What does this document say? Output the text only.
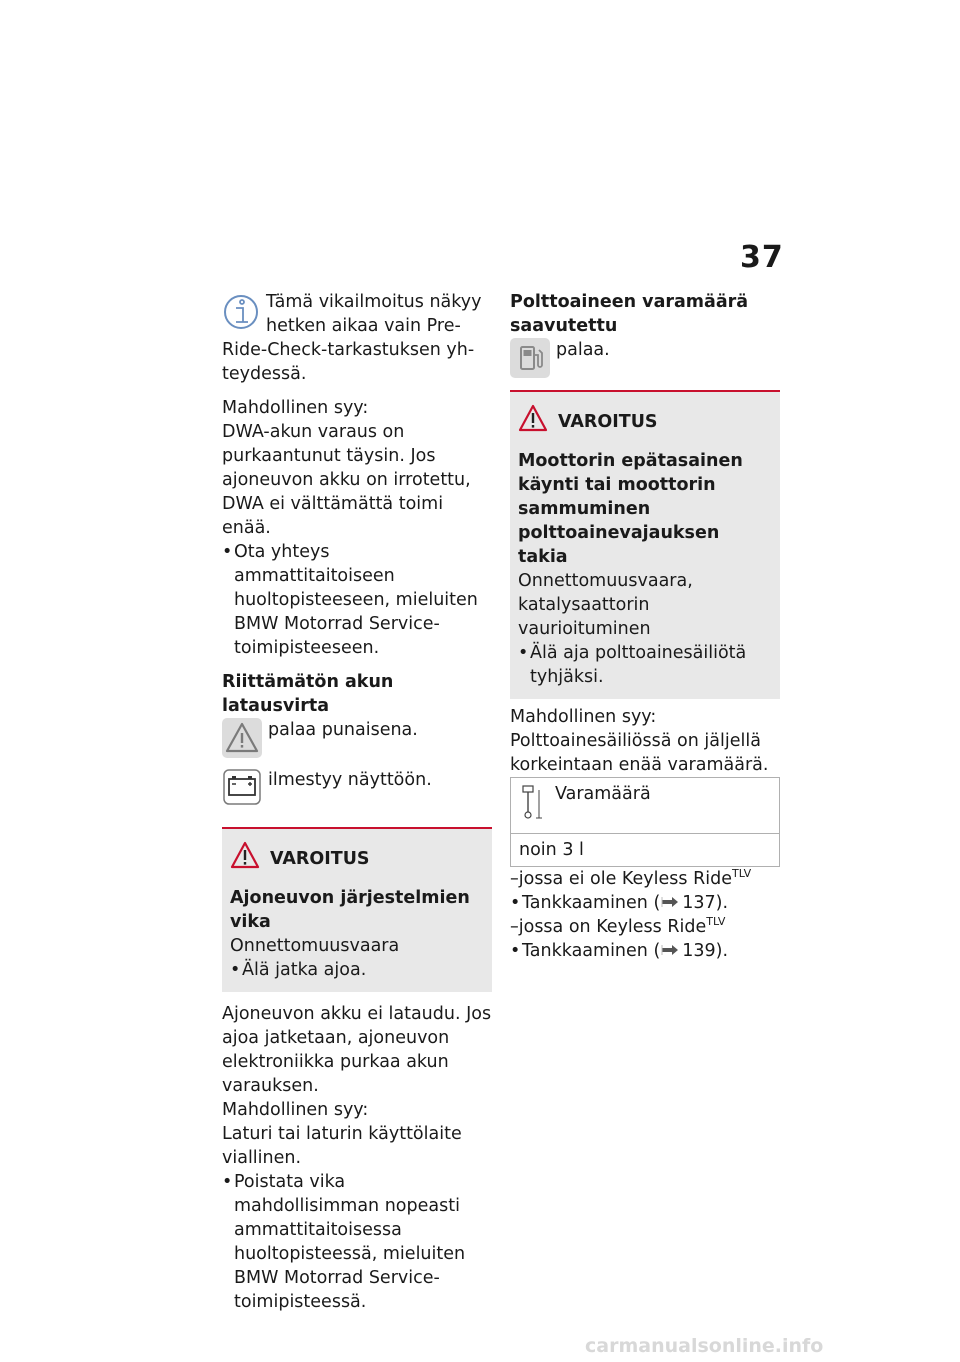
37

Tämä vikailmoitus näkyy

hetken aikaa vain Pre-

Ride-Check-tarkastuksen yh-

teydessä.

Mahdollinen syy:

DWA-akun varaus on purkaantunut täysin. Jos ajoneuvon akku on irrotettu, DWA ei välttämättä toimi enää.

• Ota yhteys ammattitaitoiseen huoltopisteeseen, mieluiten BMW Motorrad Service-toimipisteeseen.

Riittämätön akun latausvirta

palaa punaisena.
ilmestyy näyttöön.
VAROITUS

Ajoneuvon järjestelmien vika

Onnettomuusvaara

• Älä jatka ajoa.

Ajoneuvon akku ei lataudu. Jos ajoa jatketaan, ajoneuvon elektroniikka purkaa akun varauksen.

Mahdollinen syy:

Laturi tai laturin käyttölaite viallinen.

• Poistata vika mahdollisimman nopeasti ammattitaitoisessa huoltopisteessä, mieluiten BMW Motorrad Service-toimipisteessä.

Polttoaineen varamäärä

saavutettu

palaa.
VAROITUS

Moottorin epätasainen käynti tai moottorin sammuminen polttoainevajauksen takia

Onnettomuusvaara, katalysaattorin vaurioituminen

• Älä aja polttoainesäiliötä tyhjäksi.

Mahdollinen syy:

Polttoainesäiliössä on jäljellä korkeintaan enää varamäärä.

Varamäärä

noin 3 l

–jossa ei ole Keyless Ride$^{TLV}$

• Tankkaaminen ( 137).

–jossa on Keyless Ride$^{TLV}$

• Tankkaaminen ( 139).
carmanualsonline.info
